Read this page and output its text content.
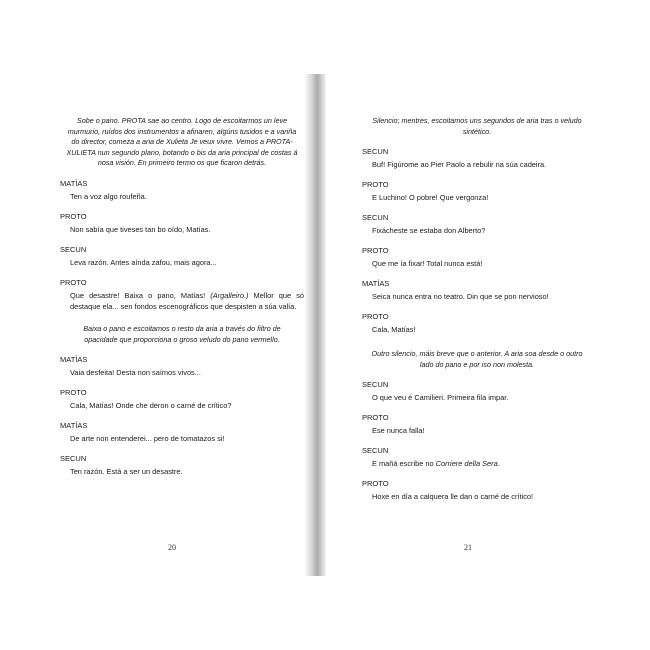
Sobe o pano. PROTA sae ao centro. Logo de escoitarmos un leve murmurio, ruídos dos instrumentos a afinaren, algúns tusidos e a variña do director, comeza a aria de Xulieta Je veux vivre. Vemos a PROTA-XULIETA nun segundo plano, botando o bis da aria principal de costas á nosa visión. En primeiro termo os que ficaron detrás.
MATÍAS
Ten a voz algo roufeña.
PROTO
Non sabía que tiveses tan bo oído, Matías.
SECUN
Leva razón. Antes aínda zafou, mais agora...
PROTO
Que desastre! Baixa o pano, Matías! (Argalleiro.) Mellor que só destaque ela... sen fondos escenográficos que despisten a súa valía.
Baixa o pano e escoitamos o resto da aria a través do filtro de opacidade que proporciona o groso veludo do pano vermello.
MATÍAS
Vaia desfeita! Desta non saímos vivos...
PROTO
Cala, Matías! Onde che deron o carné de crítico?
MATÍAS
De arte non entenderei... pero de tomatazos si!
SECUN
Ten razón. Está a ser un desastre.
20
Silencio; mentres, escoitamos uns segundos de aria tras o veludo sintético.
SECUN
Buf! Figúrome ao Pier Paolo a rebulir na súa cadeira.
PROTO
E Luchino! O pobre! Que vergonza!
SECUN
Fixácheste se estaba don Alberto?
PROTO
Que me ía fixar! Total nunca está!
MATÍAS
Seica nunca entra no teatro. Din que se pon nervioso!
PROTO
Cala, Matías!
Outro silencio, máis breve que o anterior. A aria soa desde o outro lado do pano e por iso non molesta.
SECUN
O que veu é Camilieri. Primeira fila impar.
PROTO
Ese nunca falla!
SECUN
E mañá escribe no Corriere della Sera.
PROTO
Hoxe en día a calquera lle dan o carné de crítico!
21
